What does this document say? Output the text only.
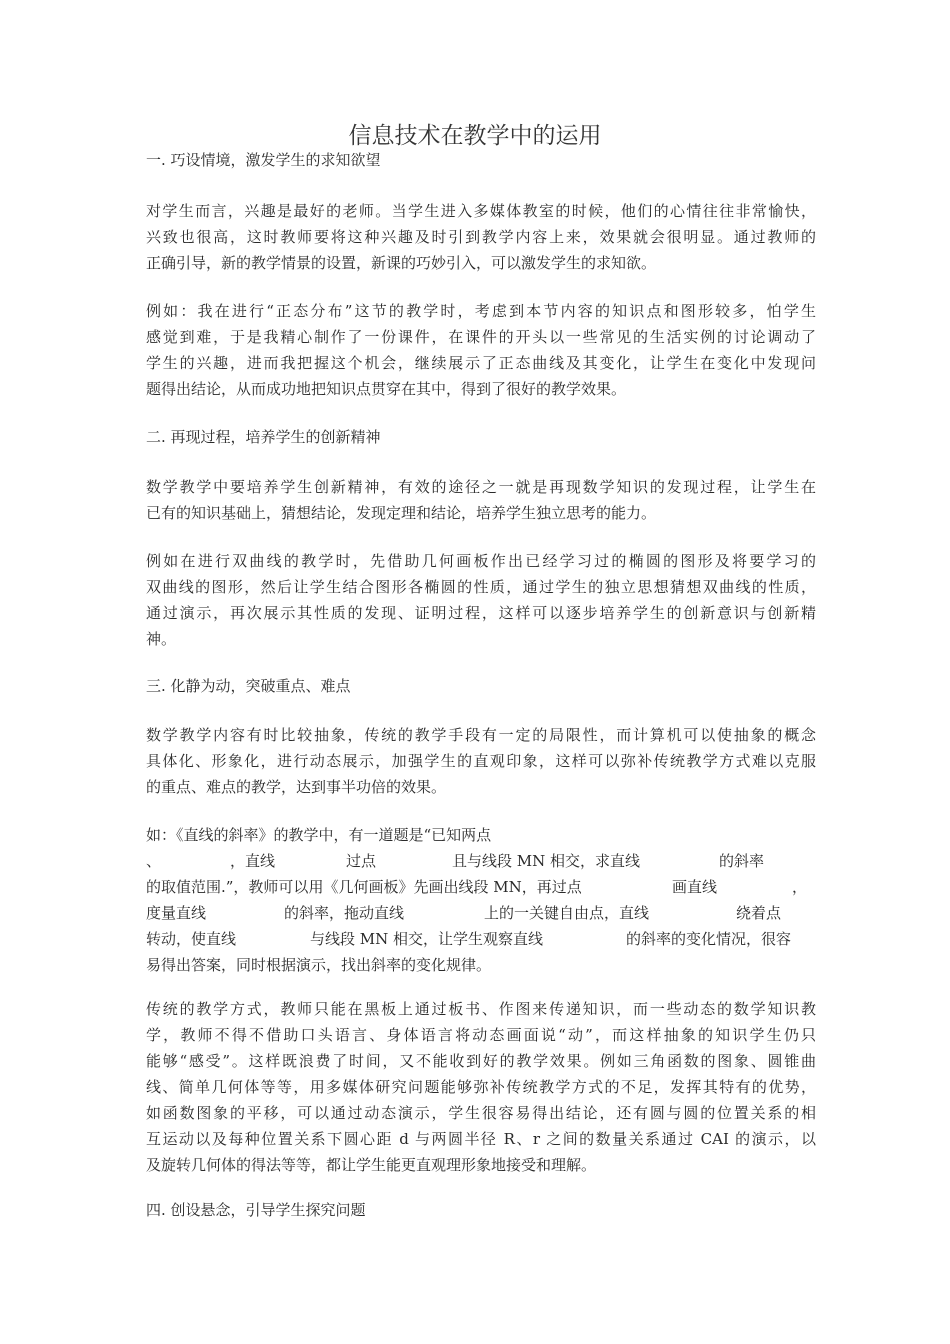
信息技术在教学中的运用

一. 巧设情境，激发学生的求知欲望

对学生而言，兴趣是最好的老师。当学生进入多媒体教室的时候，他们的心情往往非常愉快，
兴致也很高，这时教师要将这种兴趣及时引到教学内容上来，效果就会很明显。通过教师的
正确引导，新的教学情景的设置，新课的巧妙引入，可以激发学生的求知欲。
例如：我在进行“正态分布”这节的教学时，考虑到本节内容的知识点和图形较多，怕学生
感觉到难，于是我精心制作了一份课件，在课件的开头以一些常见的生活实例的讨论调动了
学生的兴趣，进而我把握这个机会，继续展示了正态曲线及其变化，让学生在变化中发现问
题得出结论，从而成功地把知识点贯穿在其中，得到了很好的教学效果。

二. 再现过程，培养学生的创新精神

数学教学中要培养学生创新精神，有效的途径之一就是再现数学知识的发现过程，让学生在
已有的知识基础上，猜想结论，发现定理和结论，培养学生独立思考的能力。
例如在进行双曲线的教学时，先借助几何画板作出已经学习过的椭圆的图形及将要学习的
双曲线的图形，然后让学生结合图形各椭圆的性质，通过学生的独立思想猜想双曲线的性质，
通过演示，再次展示其性质的发现、证明过程，这样可以逐步培养学生的创新意识与创新精
神。

三. 化静为动，突破重点、难点

数学教学内容有时比较抽象，传统的教学手段有一定的局限性，而计算机可以使抽象的概念
具体化、形象化，进行动态展示，加强学生的直观印象，这样可以弥补传统教学方式难以克服
的重点、难点的教学，达到事半功倍的效果。
如：《直线的斜率》的教学中，有一道题是“已知两点
、	，直线	过点	且与线段 MN 相交，求直线	的斜率
的取值范围.”，教师可以用《几何画板》先画出线段 MN，再过点	画直线	，
度量直线	的斜率，拖动直线	上的一关键自由点，直线	绕着点
转动，使直线	与线段 MN 相交，让学生观察直线	的斜率的变化情况，很容
易得出答案，同时根据演示，找出斜率的变化规律。
传统的教学方式，教师只能在黑板上通过板书、作图来传递知识，而一些动态的数学知识教
学，教师不得不借助口头语言、身体语言将动态画面说“动”，而这样抽象的知识学生仍只
能够“感受”。这样既浪费了时间，又不能收到好的教学效果。例如三角函数的图象、圆锥曲
线、简单几何体等等，用多媒体研究问题能够弥补传统教学方式的不足，发挥其特有的优势，
如函数图象的平移，可以通过动态演示，学生很容易得出结论，还有圆与圆的位置关系的相
互运动以及每种位置关系下圆心距 d 与两圆半径 R、r 之间的数量关系通过 CAI 的演示，以
及旋转几何体的得法等等，都让学生能更直观理形象地接受和理解。

四. 创设悬念，引导学生探究问题
